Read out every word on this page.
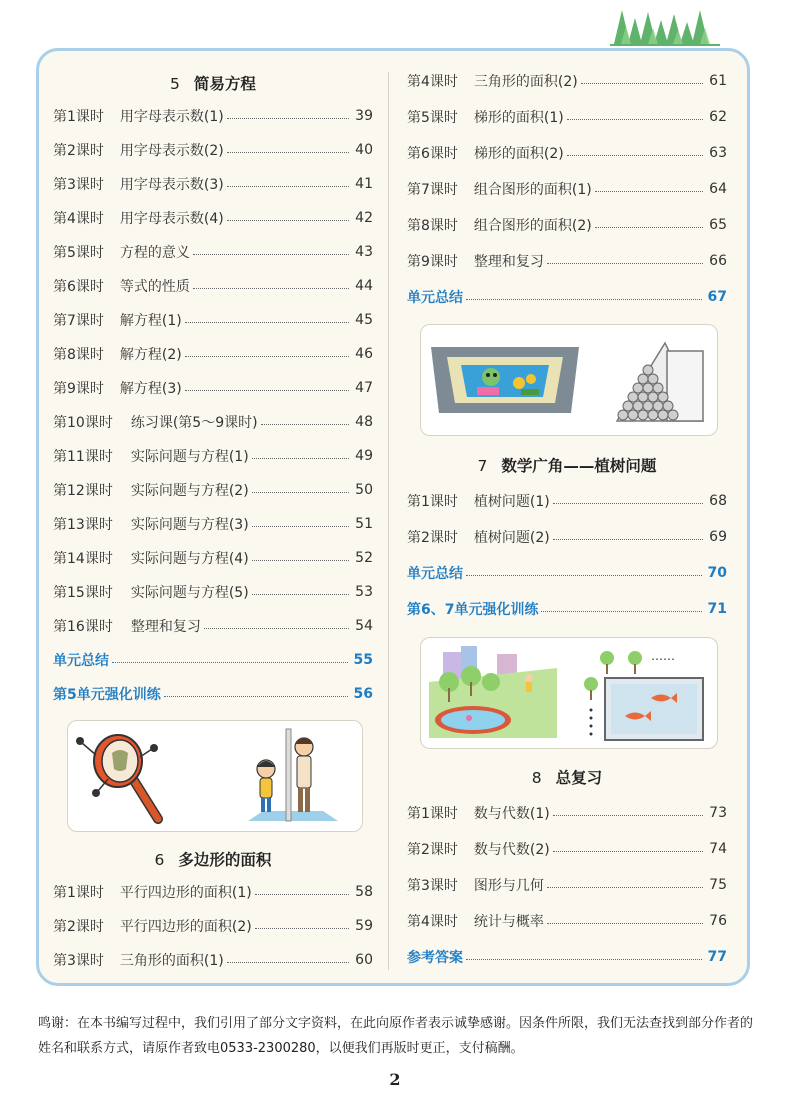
5 简易方程
第1课时 用字母表示数(1)	39
第2课时 用字母表示数(2)	40
第3课时 用字母表示数(3)	41
第4课时 用字母表示数(4)	42
第5课时 方程的意义	43
第6课时 等式的性质	44
第7课时 解方程(1)	45
第8课时 解方程(2)	46
第9课时 解方程(3)	47
第10课时 练习课(第5～9课时)	48
第11课时 实际问题与方程(1)	49
第12课时 实际问题与方程(2)	50
第13课时 实际问题与方程(3)	51
第14课时 实际问题与方程(4)	52
第15课时 实际问题与方程(5)	53
第16课时 整理和复习	54
单元总结	55
第5单元强化训练	56
6 多边形的面积
第1课时 平行四边形的面积(1)	58
第2课时 平行四边形的面积(2)	59
第3课时 三角形的面积(1)	60
第4课时 三角形的面积(2)	61
第5课时 梯形的面积(1)	62
第6课时 梯形的面积(2)	63
第7课时 组合图形的面积(1)	64
第8课时 组合图形的面积(2)	65
第9课时 整理和复习	66
单元总结	67
7 数学广角——植树问题
第1课时 植树问题(1)	68
第2课时 植树问题(2)	69
单元总结	70
第6、7单元强化训练	71
……
8 总复习
第1课时 数与代数(1)	73
第2课时 数与代数(2)	74
第3课时 图形与几何	75
第4课时 统计与概率	76
参考答案	77
鸣谢：在本书编写过程中，我们引用了部分文字资料，在此向原作者表示诚挚感谢。因条件所限，我们无法查找到部分作者的姓名和联系方式，请原作者致电0533-2300280，以便我们再版时更正，支付稿酬。
2
